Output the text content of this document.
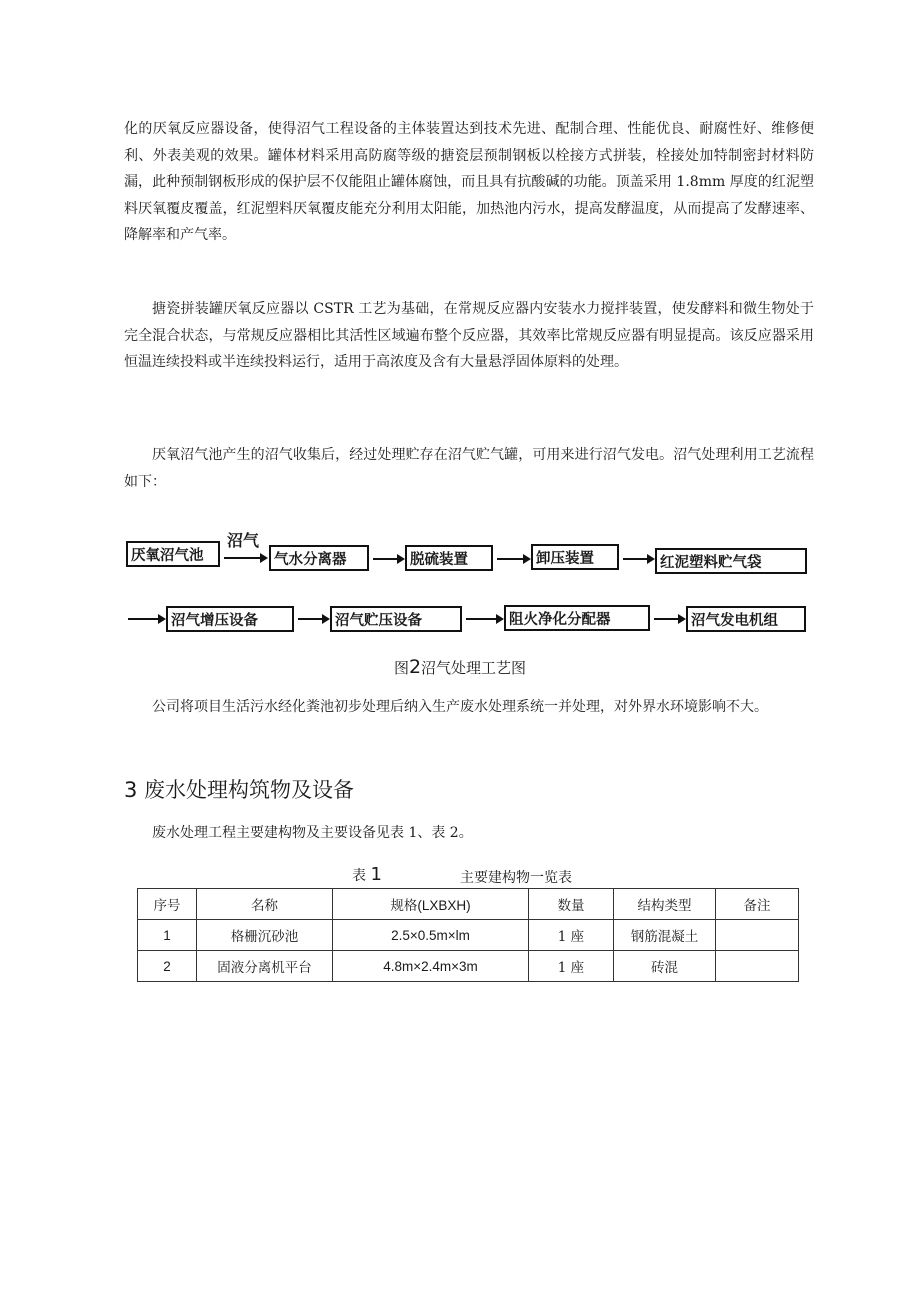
化的厌氧反应器设备，使得沼气工程设备的主体装置达到技术先进、配制合理、性能优良、耐腐性好、维修便利、外表美观的效果。罐体材料采用高防腐等级的搪瓷层预制钢板以栓接方式拼装，栓接处加特制密封材料防漏，此种预制钢板形成的保护层不仅能阻止罐体腐蚀，而且具有抗酸碱的功能。顶盖采用 1.8mm 厚度的红泥塑料厌氧覆皮覆盖，红泥塑料厌氧覆皮能充分利用太阳能，加热池内污水，提高发酵温度，从而提高了发酵速率、降解率和产气率。

搪瓷拼装罐厌氧反应器以 CSTR 工艺为基础，在常规反应器内安装水力搅拌装置，使发酵料和微生物处于完全混合状态，与常规反应器相比其活性区域遍布整个反应器，其效率比常规反应器有明显提高。该反应器采用恒温连续投料或半连续投料运行，适用于高浓度及含有大量悬浮固体原料的处理。

厌氧沼气池产生的沼气收集后，经过处理贮存在沼气贮气罐，可用来进行沼气发电。沼气处理利用工艺流程如下：

厌氧沼气池
沼气
气水分离器	脱硫装置	卸压装置	红泥塑料贮气袋
沼气增压设备	沼气贮压设备	阻火净化分配器	沼气发电机组
图2沼气处理工艺图

公司将项目生活污水经化粪池初步处理后纳入生产废水处理系统一并处理，对外界水环境影响不大。

3 废水处理构筑物及设备

废水处理工程主要建构物及主要设备见表 1、表 2。

表 1	主要建构物一览表
序号	名称	规格(LXBXH)	数量	结构类型	备注
1	格栅沉砂池	2.5×0.5m×lm	1 座	钢筋混凝土	
2	固液分离机平台	4.8m×2.4m×3m	1 座	砖混	
